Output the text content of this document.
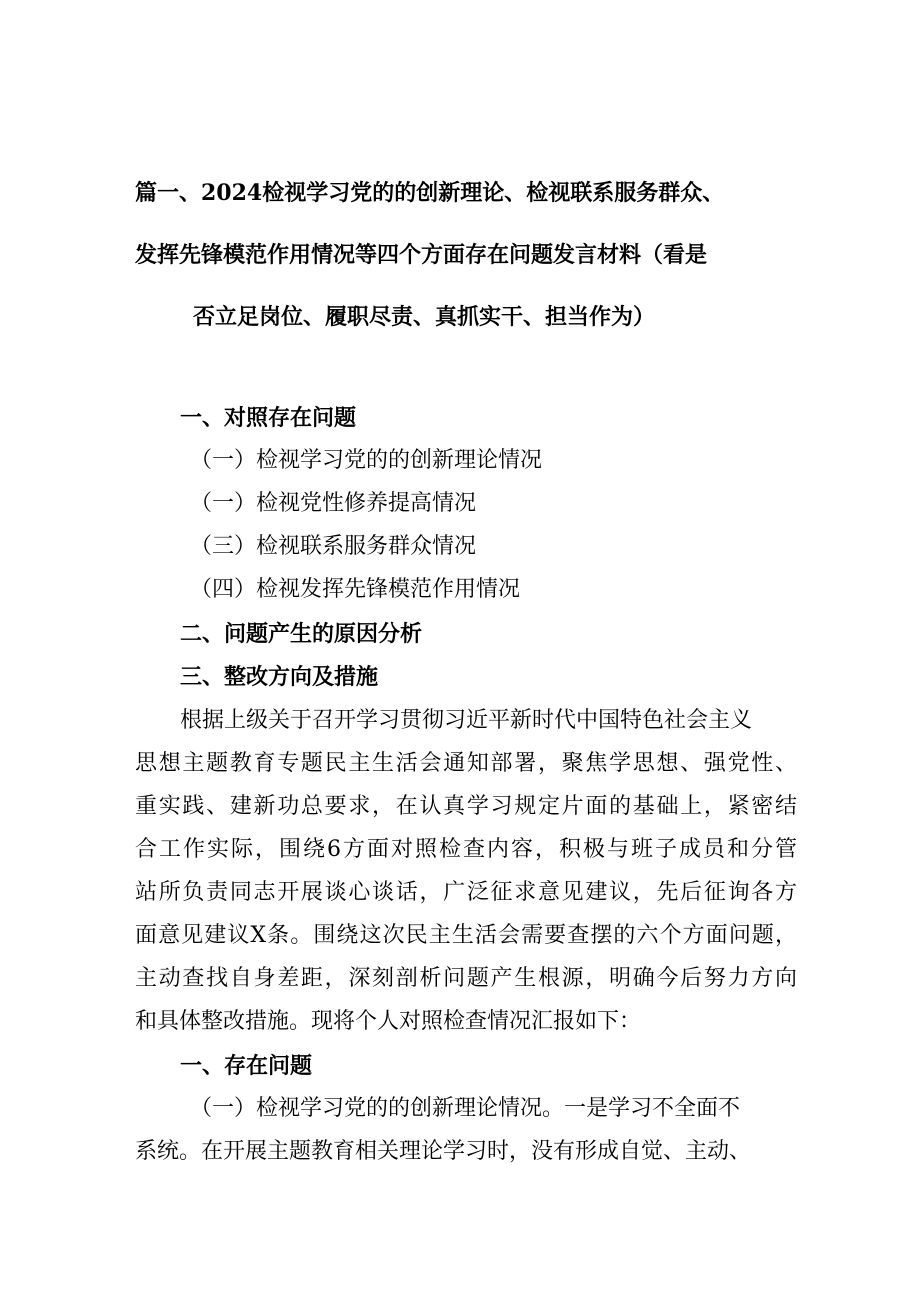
篇一、2024检视学习党的的创新理论、检视联系服务群众、
发挥先锋模范作用情况等四个方面存在问题发言材料（看是
否立足岗位、履职尽责、真抓实干、担当作为）
一、对照存在问题
（一）检视学习党的的创新理论情况
（一）检视党性修养提高情况
（三）检视联系服务群众情况
（四）检视发挥先锋模范作用情况
二、问题产生的原因分析
三、整改方向及措施
根据上级关于召开学习贯彻习近平新时代中国特色社会主义
思想主题教育专题民主生活会通知部署，聚焦学思想、强党性、
重实践、建新功总要求，在认真学习规定片面的基础上，紧密结
合工作实际，围绕6方面对照检查内容，积极与班子成员和分管
站所负责同志开展谈心谈话，广泛征求意见建议，先后征询各方
面意见建议X条。围绕这次民主生活会需要查摆的六个方面问题，
主动查找自身差距，深刻剖析问题产生根源，明确今后努力方向
和具体整改措施。现将个人对照检查情况汇报如下：
一、存在问题
（一）检视学习党的的创新理论情况。一是学习不全面不
系统。在开展主题教育相关理论学习时，没有形成自觉、主动、
